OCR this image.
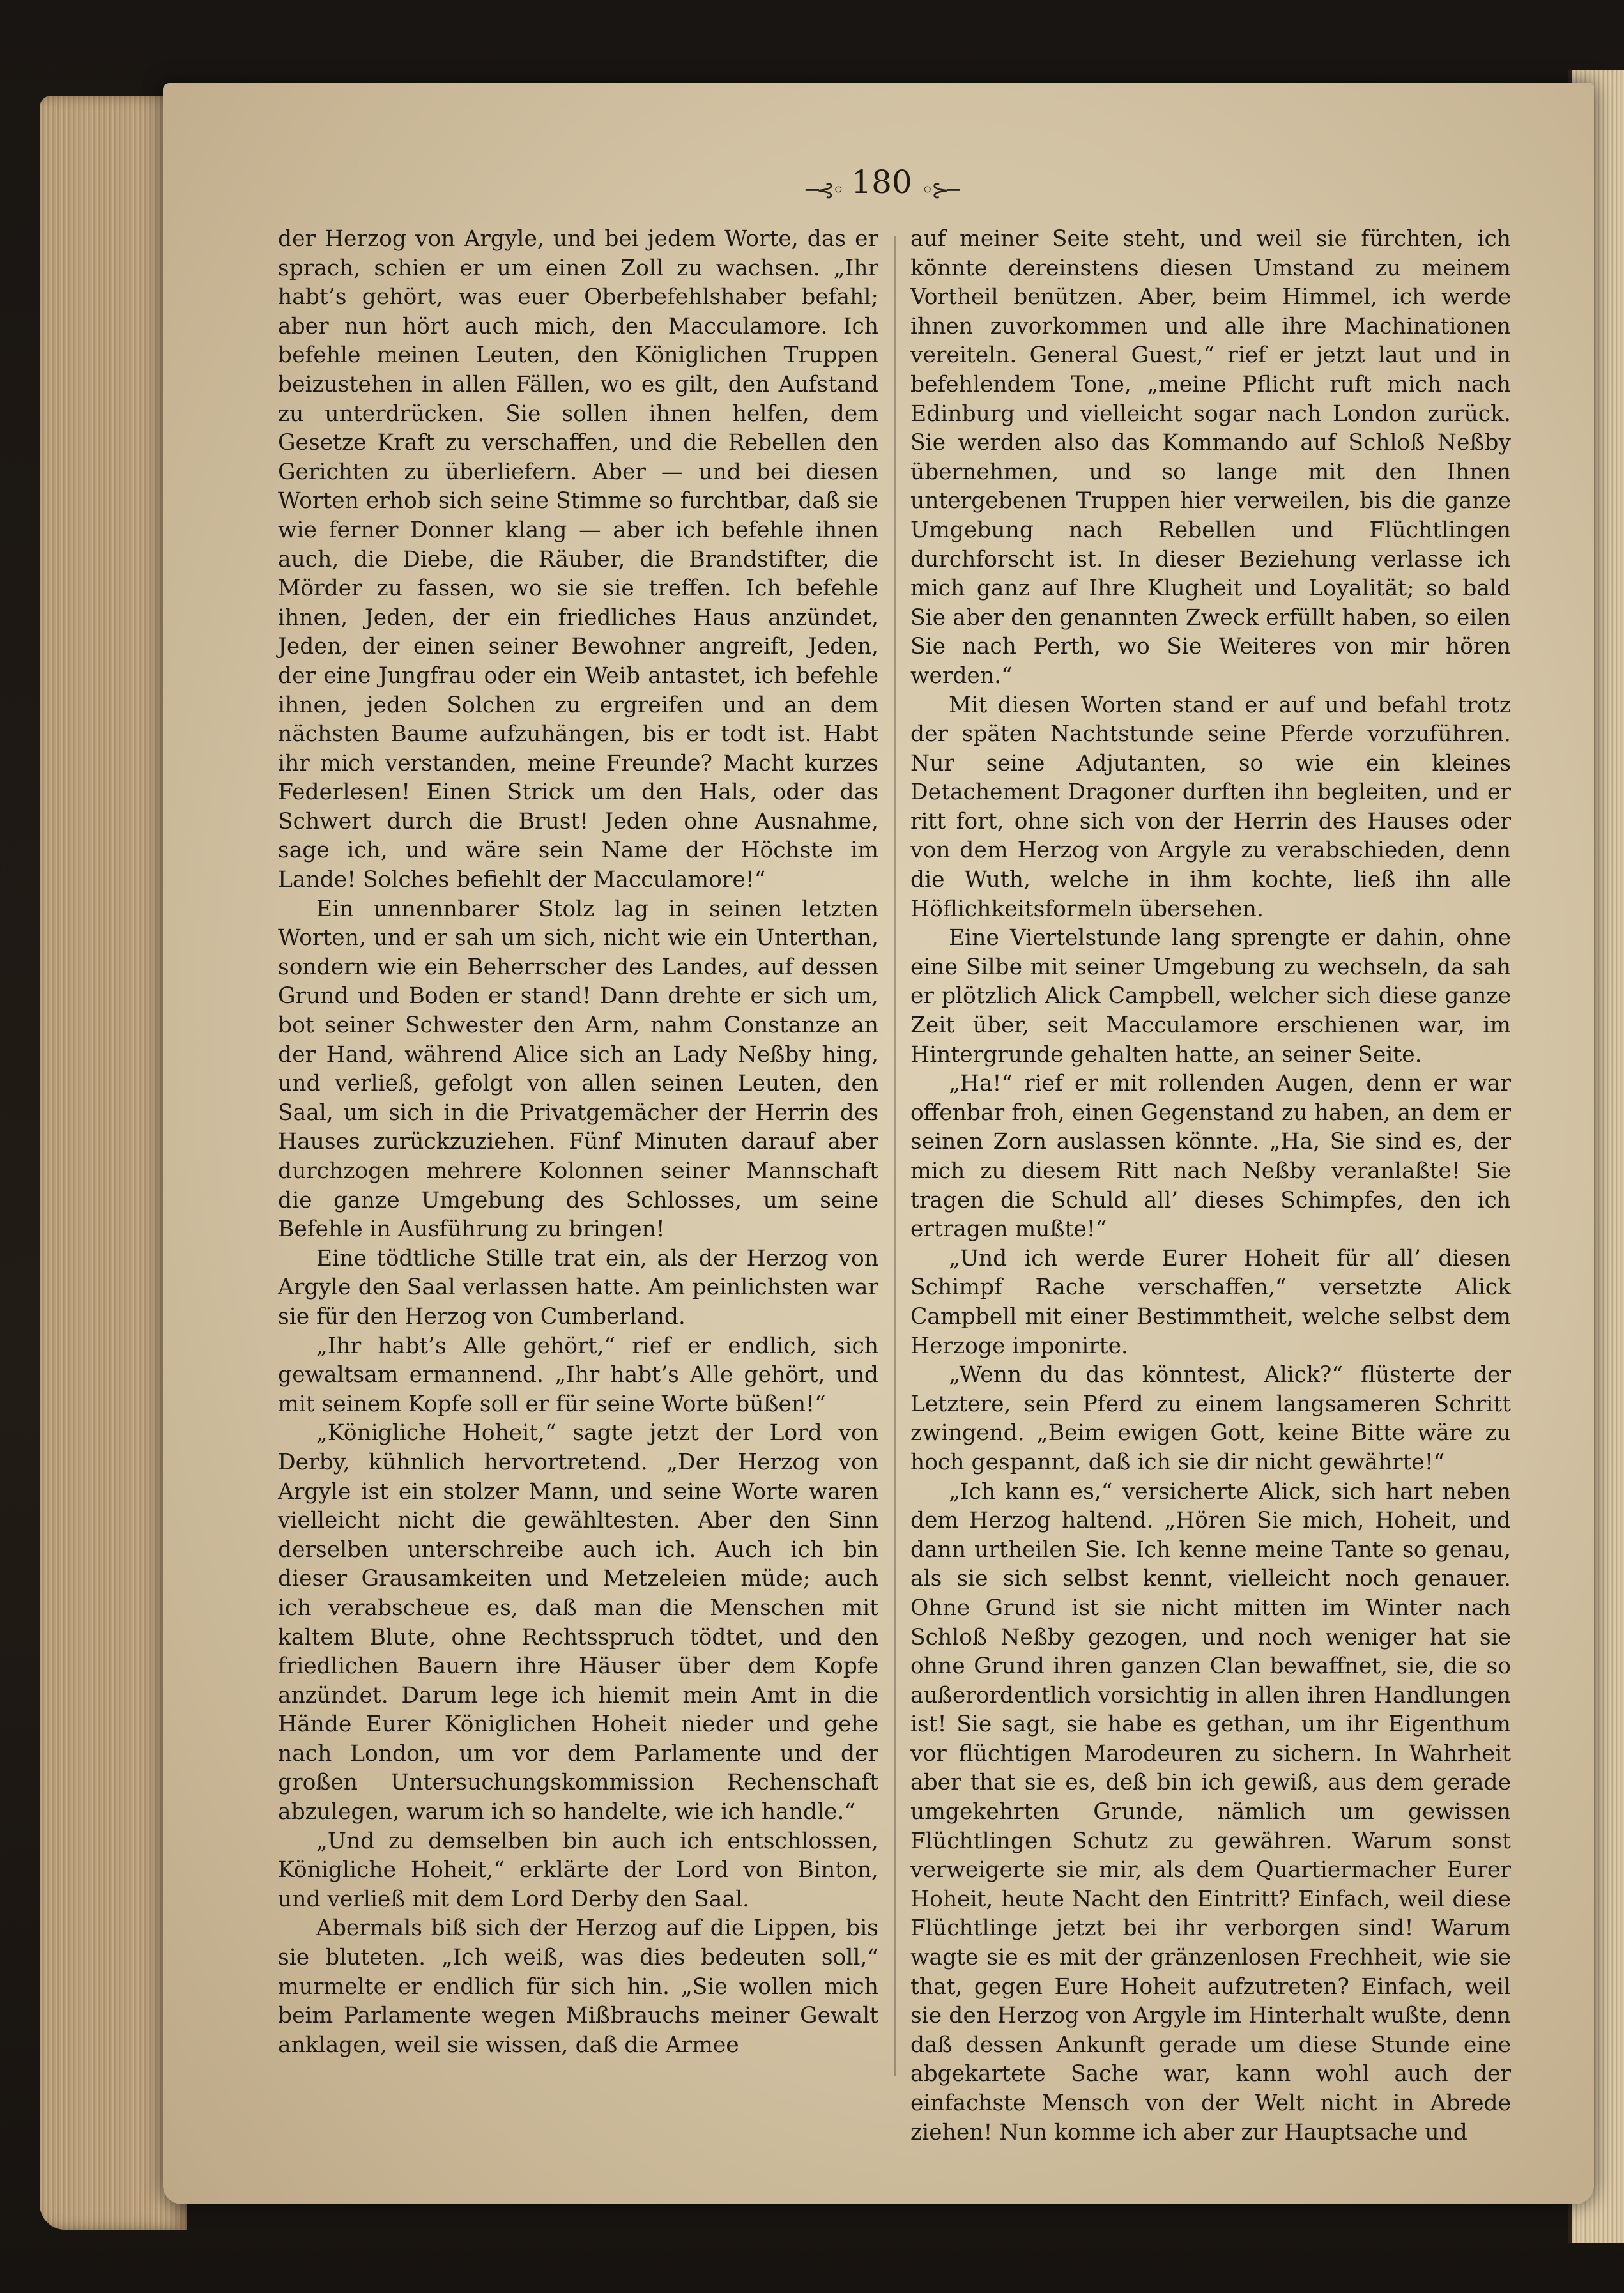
─⊰◦ 180 ◦⊱─

der Herzog von Argyle, und bei jedem Worte, das er sprach, schien er um einen Zoll zu wachsen. „Ihr habt’s gehört, was euer Oberbefehlshaber befahl; aber nun hört auch mich, den Macculamore. Ich befehle meinen Leuten, den Königlichen Truppen beizustehen in allen Fällen, wo es gilt, den Aufstand zu unterdrücken. Sie sollen ihnen helfen, dem Gesetze Kraft zu verschaffen, und die Rebellen den Gerichten zu überliefern. Aber — und bei diesen Worten erhob sich seine Stimme so furchtbar, daß sie wie ferner Donner klang — aber ich befehle ihnen auch, die Diebe, die Räuber, die Brandstifter, die Mörder zu fassen, wo sie sie treffen. Ich befehle ihnen, Jeden, der ein friedliches Haus anzündet, Jeden, der einen seiner Bewohner angreift, Jeden, der eine Jungfrau oder ein Weib antastet, ich befehle ihnen, jeden Solchen zu ergreifen und an dem nächsten Baume aufzuhängen, bis er todt ist. Habt ihr mich verstanden, meine Freunde? Macht kurzes Federlesen! Einen Strick um den Hals, oder das Schwert durch die Brust! Jeden ohne Ausnahme, sage ich, und wäre sein Name der Höchste im Lande! Solches befiehlt der Macculamore!“

Ein unnennbarer Stolz lag in seinen letzten Worten, und er sah um sich, nicht wie ein Unterthan, sondern wie ein Beherrscher des Landes, auf dessen Grund und Boden er stand! Dann drehte er sich um, bot seiner Schwester den Arm, nahm Constanze an der Hand, während Alice sich an Lady Neßby hing, und verließ, gefolgt von allen seinen Leuten, den Saal, um sich in die Privatgemächer der Herrin des Hauses zurückzuziehen. Fünf Minuten darauf aber durchzogen mehrere Kolonnen seiner Mannschaft die ganze Umgebung des Schlosses, um seine Befehle in Ausführung zu bringen!

Eine tödtliche Stille trat ein, als der Herzog von Argyle den Saal verlassen hatte. Am peinlichsten war sie für den Herzog von Cumberland.

„Ihr habt’s Alle gehört,“ rief er endlich, sich gewaltsam ermannend. „Ihr habt’s Alle gehört, und mit seinem Kopfe soll er für seine Worte büßen!“

„Königliche Hoheit,“ sagte jetzt der Lord von Derby, kühnlich hervortretend. „Der Herzog von Argyle ist ein stolzer Mann, und seine Worte waren vielleicht nicht die gewähltesten. Aber den Sinn derselben unterschreibe auch ich. Auch ich bin dieser Grausamkeiten und Metzeleien müde; auch ich verabscheue es, daß man die Menschen mit kaltem Blute, ohne Rechtsspruch tödtet, und den friedlichen Bauern ihre Häuser über dem Kopfe anzündet. Darum lege ich hiemit mein Amt in die Hände Eurer Königlichen Hoheit nieder und gehe nach London, um vor dem Parlamente und der großen Untersuchungskommission Rechenschaft abzulegen, warum ich so handelte, wie ich handle.“

„Und zu demselben bin auch ich entschlossen, Königliche Hoheit,“ erklärte der Lord von Binton, und verließ mit dem Lord Derby den Saal.

Abermals biß sich der Herzog auf die Lippen, bis sie bluteten. „Ich weiß, was dies bedeuten soll,“ murmelte er endlich für sich hin. „Sie wollen mich beim Parlamente wegen Mißbrauchs meiner Gewalt anklagen, weil sie wissen, daß die Armee

auf meiner Seite steht, und weil sie fürchten, ich könnte dereinstens diesen Umstand zu meinem Vortheil benützen. Aber, beim Himmel, ich werde ihnen zuvorkommen und alle ihre Machinationen vereiteln. General Guest,“ rief er jetzt laut und in befehlendem Tone, „meine Pflicht ruft mich nach Edinburg und vielleicht sogar nach London zurück. Sie werden also das Kommando auf Schloß Neßby übernehmen, und so lange mit den Ihnen untergebenen Truppen hier verweilen, bis die ganze Umgebung nach Rebellen und Flüchtlingen durchforscht ist. In dieser Beziehung verlasse ich mich ganz auf Ihre Klugheit und Loyalität; so bald Sie aber den genannten Zweck erfüllt haben, so eilen Sie nach Perth, wo Sie Weiteres von mir hören werden.“

Mit diesen Worten stand er auf und befahl trotz der späten Nachtstunde seine Pferde vorzuführen. Nur seine Adjutanten, so wie ein kleines Detachement Dragoner durften ihn begleiten, und er ritt fort, ohne sich von der Herrin des Hauses oder von dem Herzog von Argyle zu verabschieden, denn die Wuth, welche in ihm kochte, ließ ihn alle Höflichkeitsformeln übersehen.

Eine Viertelstunde lang sprengte er dahin, ohne eine Silbe mit seiner Umgebung zu wechseln, da sah er plötzlich Alick Campbell, welcher sich diese ganze Zeit über, seit Macculamore erschienen war, im Hintergrunde gehalten hatte, an seiner Seite.

„Ha!“ rief er mit rollenden Augen, denn er war offenbar froh, einen Gegenstand zu haben, an dem er seinen Zorn auslassen könnte. „Ha, Sie sind es, der mich zu diesem Ritt nach Neßby veranlaßte! Sie tragen die Schuld all’ dieses Schimpfes, den ich ertragen mußte!“

„Und ich werde Eurer Hoheit für all’ diesen Schimpf Rache verschaffen,“ versetzte Alick Campbell mit einer Bestimmtheit, welche selbst dem Herzoge imponirte.

„Wenn du das könntest, Alick?“ flüsterte der Letztere, sein Pferd zu einem langsameren Schritt zwingend. „Beim ewigen Gott, keine Bitte wäre zu hoch gespannt, daß ich sie dir nicht gewährte!“

„Ich kann es,“ versicherte Alick, sich hart neben dem Herzog haltend. „Hören Sie mich, Hoheit, und dann urtheilen Sie. Ich kenne meine Tante so genau, als sie sich selbst kennt, vielleicht noch genauer. Ohne Grund ist sie nicht mitten im Winter nach Schloß Neßby gezogen, und noch weniger hat sie ohne Grund ihren ganzen Clan bewaffnet, sie, die so außerordentlich vorsichtig in allen ihren Handlungen ist! Sie sagt, sie habe es gethan, um ihr Eigenthum vor flüchtigen Marodeuren zu sichern. In Wahrheit aber that sie es, deß bin ich gewiß, aus dem gerade umgekehrten Grunde, nämlich um gewissen Flüchtlingen Schutz zu gewähren. Warum sonst verweigerte sie mir, als dem Quartiermacher Eurer Hoheit, heute Nacht den Eintritt? Einfach, weil diese Flüchtlinge jetzt bei ihr verborgen sind! Warum wagte sie es mit der gränzenlosen Frechheit, wie sie that, gegen Eure Hoheit aufzutreten? Einfach, weil sie den Herzog von Argyle im Hinterhalt wußte, denn daß dessen Ankunft gerade um diese Stunde eine abgekartete Sache war, kann wohl auch der einfachste Mensch von der Welt nicht in Abrede ziehen! Nun komme ich aber zur Hauptsache und
